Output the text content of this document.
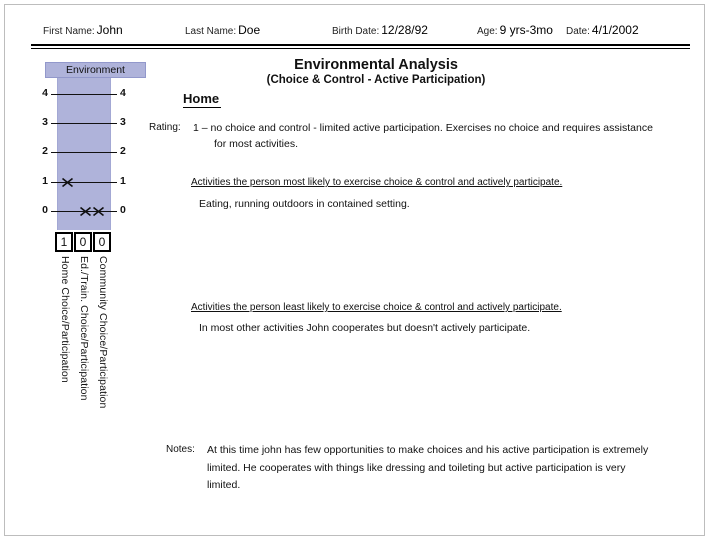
First Name: John	Last Name: Doe	Birth Date: 12/28/92	Age: 9 yrs-3mo Date: 4/1/2002
Environment
4	4
3	3
2	2
1	1
0	0
1	0	0
Home Choice/Participation Ed./Train. Choice/Participation Community Choice/Participation
Environmental Analysis
(Choice & Control - Active Participation)
Home
Rating: 1 – no choice and control - limited active participation. Exercises no choice and requires assistance for most activities.
Activities the person most likely to exercise choice & control and actively participate.
Eating, running outdoors in contained setting.
Activities the person least likely to exercise choice & control and actively participate.
In most other activities John cooperates but doesn't actively participate.
Notes: At this time john has few opportunities to make choices and his active participation is extremely limited. He cooperates with things like dressing and toileting but active participation is very limited.
